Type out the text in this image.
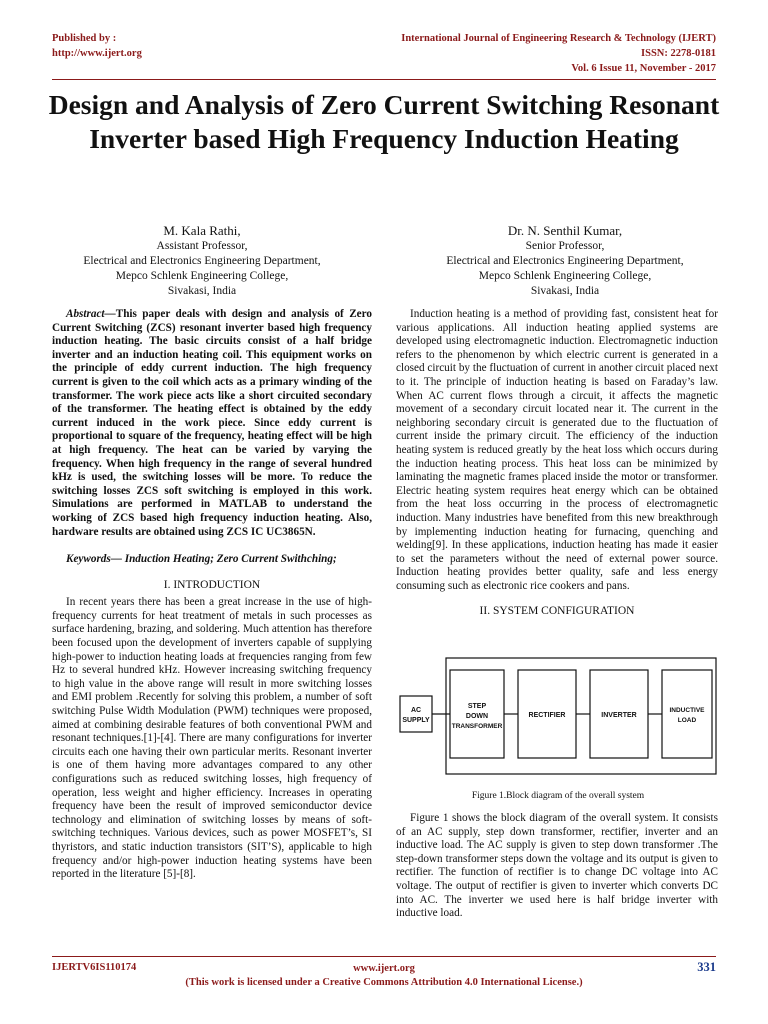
Published by :
http://www.ijert.org
International Journal of Engineering Research & Technology (IJERT)
ISSN: 2278-0181
Vol. 6 Issue 11, November - 2017
Design and Analysis of Zero Current Switching Resonant Inverter based High Frequency Induction Heating
M. Kala Rathi,
Assistant Professor,
Electrical and Electronics Engineering Department,
Mepco Schlenk Engineering College,
Sivakasi, India
Dr. N. Senthil Kumar,
Senior Professor,
Electrical and Electronics Engineering Department,
Mepco Schlenk Engineering College,
Sivakasi, India

Abstract—This paper deals with design and analysis of Zero Current Switching (ZCS) resonant inverter based high frequency induction heating. The basic circuits consist of a half bridge inverter and an induction heating coil. This equipment works on the principle of eddy current induction. The high frequency current is given to the coil which acts as a primary winding of the transformer. The work piece acts like a short circuited secondary of the transformer. The heating effect is obtained by the eddy current induced in the work piece. Since eddy current is proportional to square of the frequency, heating effect will be high at high frequency. The heat can be varied by varying the frequency. When high frequency in the range of several hundred kHz is used, the switching losses will be more. To reduce the switching losses ZCS soft switching is employed in this work. Simulations are performed in MATLAB to understand the working of ZCS based high frequency induction heating. Also, hardware results are obtained using ZCS IC UC3865N.

Keywords— Induction Heating; Zero Current Swithching;

I. INTRODUCTION

In recent years there has been a great increase in the use of high-frequency currents for heat treatment of metals in such processes as surface hardening, brazing, and soldering. Much attention has therefore been focused upon the development of inverters capable of supplying high-power to induction heating loads at frequencies ranging from few Hz to several hundred kHz. However increasing switching frequency to high value in the above range will result in more switching losses and EMI problem .Recently for solving this problem, a number of soft switching Pulse Width Modulation (PWM) techniques were proposed, aimed at combining desirable features of both conventional PWM and resonant techniques.[1]-[4]. There are many configurations for inverter circuits each one having their own particular merits. Resonant inverter is one of them having more advantages compared to any other configurations such as reduced switching losses, high frequency of operation, less weight and higher efficiency. Increases in operating frequency have been the result of improved semiconductor device technology and elimination of switching losses by means of soft-switching techniques. Various devices, such as power MOSFET’s, SI thyristors, and static induction transistors (SIT’S), applicable to high frequency and/or high-power induction heating systems have been reported in the literature [5]-[8].

Induction heating is a method of providing fast, consistent heat for various applications. All induction heating applied systems are developed using electromagnetic induction. Electromagnetic induction refers to the phenomenon by which electric current is generated in a closed circuit by the fluctuation of current in another circuit placed next to it. The principle of induction heating is based on Faraday’s law. When AC current flows through a circuit, it affects the magnetic movement of a secondary circuit located near it. The current in the neighboring secondary circuit is generated due to the fluctuation of current inside the primary circuit. The efficiency of the induction heating system is reduced greatly by the heat loss which occurs during the induction heating process. This heat loss can be minimized by laminating the magnetic frames placed inside the motor or transformer. Electric heating system requires heat energy which can be obtained from the heat loss occurring in the process of electromagnetic induction. Many industries have benefited from this new breakthrough by implementing induction heating for furnacing, quenching and welding[9]. In these applications, induction heating has made it easier to set the parameters without the need of external power source. Induction heating provides better quality, safe and less energy consuming such as electronic rice cookers and pans.

II. SYSTEM CONFIGURATION

AC
SUPPLY
STEP
DOWN
TRANSFORMER
RECTIFIER	INVERTER
INDUCTIVE
LOAD
Figure 1.Block diagram of the overall system

Figure 1 shows the block diagram of the overall system. It consists of an AC supply, step down transformer, rectifier, inverter and an inductive load. The AC supply is given to step down transformer .The step-down transformer steps down the voltage and its output is given to rectifier. The function of rectifier is to change DC voltage into AC voltage. The output of rectifier is given to inverter which converts DC into AC. The inverter we used here is half bridge inverter with inductive load.

IJERTV6IS110174	www.ijert.org
(This work is licensed under a Creative Commons Attribution 4.0 International License.)
331
